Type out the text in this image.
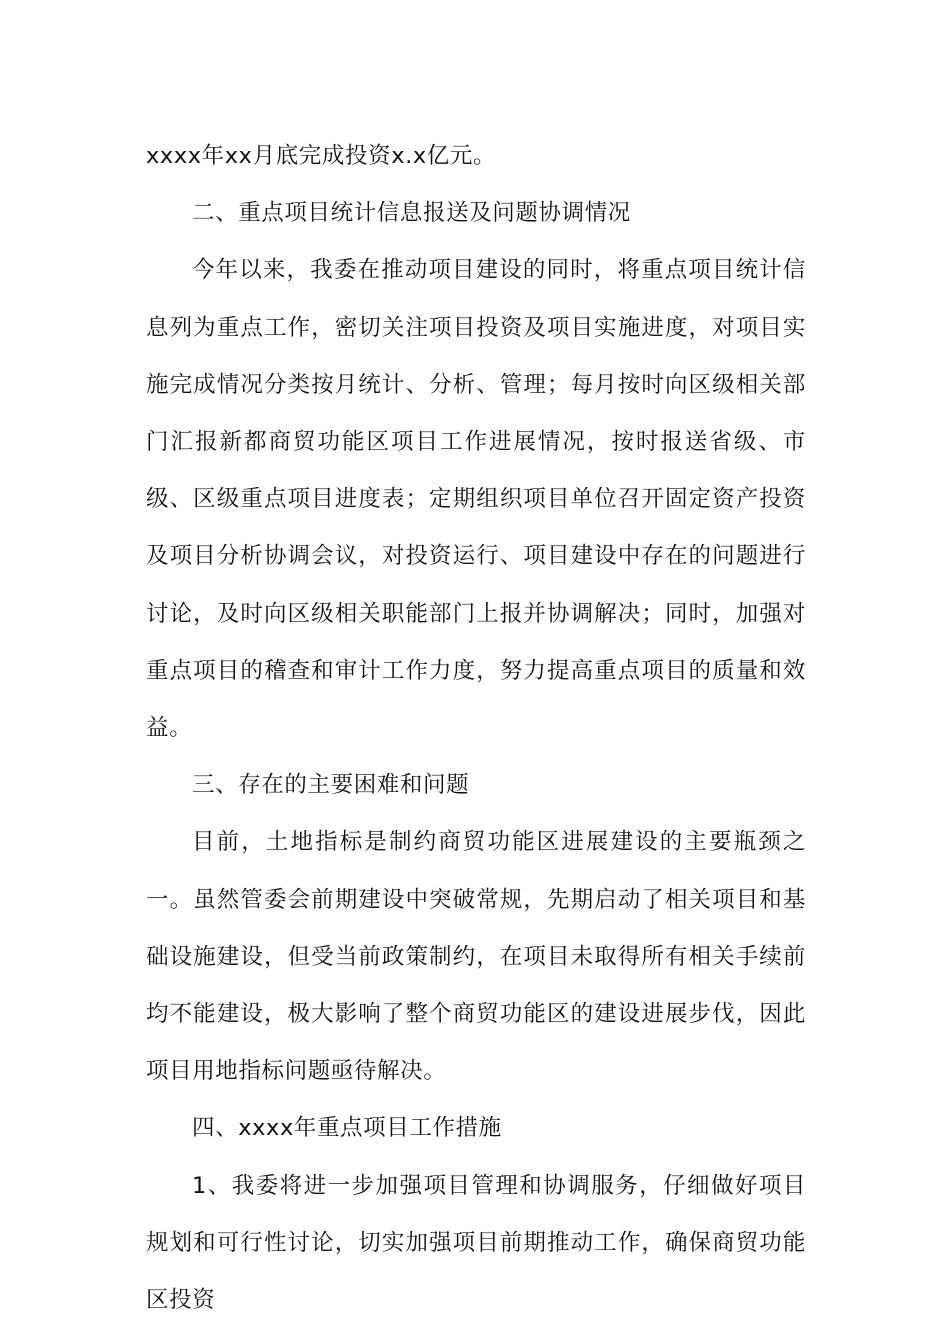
xxxx年xx月底完成投资x.x亿元。

二、重点项目统计信息报送及问题协调情况

今年以来，我委在推动项目建设的同时，将重点项目统计信息列为重点工作，密切关注项目投资及项目实施进度，对项目实施完成情况分类按月统计、分析、管理；每月按时向区级相关部门汇报新都商贸功能区项目工作进展情况，按时报送省级、市级、区级重点项目进度表；定期组织项目单位召开固定资产投资及项目分析协调会议，对投资运行、项目建设中存在的问题进行讨论，及时向区级相关职能部门上报并协调解决；同时，加强对重点项目的稽查和审计工作力度，努力提高重点项目的质量和效益。

三、存在的主要困难和问题

目前，土地指标是制约商贸功能区进展建设的主要瓶颈之一。虽然管委会前期建设中突破常规，先期启动了相关项目和基础设施建设，但受当前政策制约，在项目未取得所有相关手续前均不能建设，极大影响了整个商贸功能区的建设进展步伐，因此项目用地指标问题亟待解决。

四、xxxx年重点项目工作措施

1、我委将进一步加强项目管理和协调服务，仔细做好项目规划和可行性讨论，切实加强项目前期推动工作，确保商贸功能区投资
